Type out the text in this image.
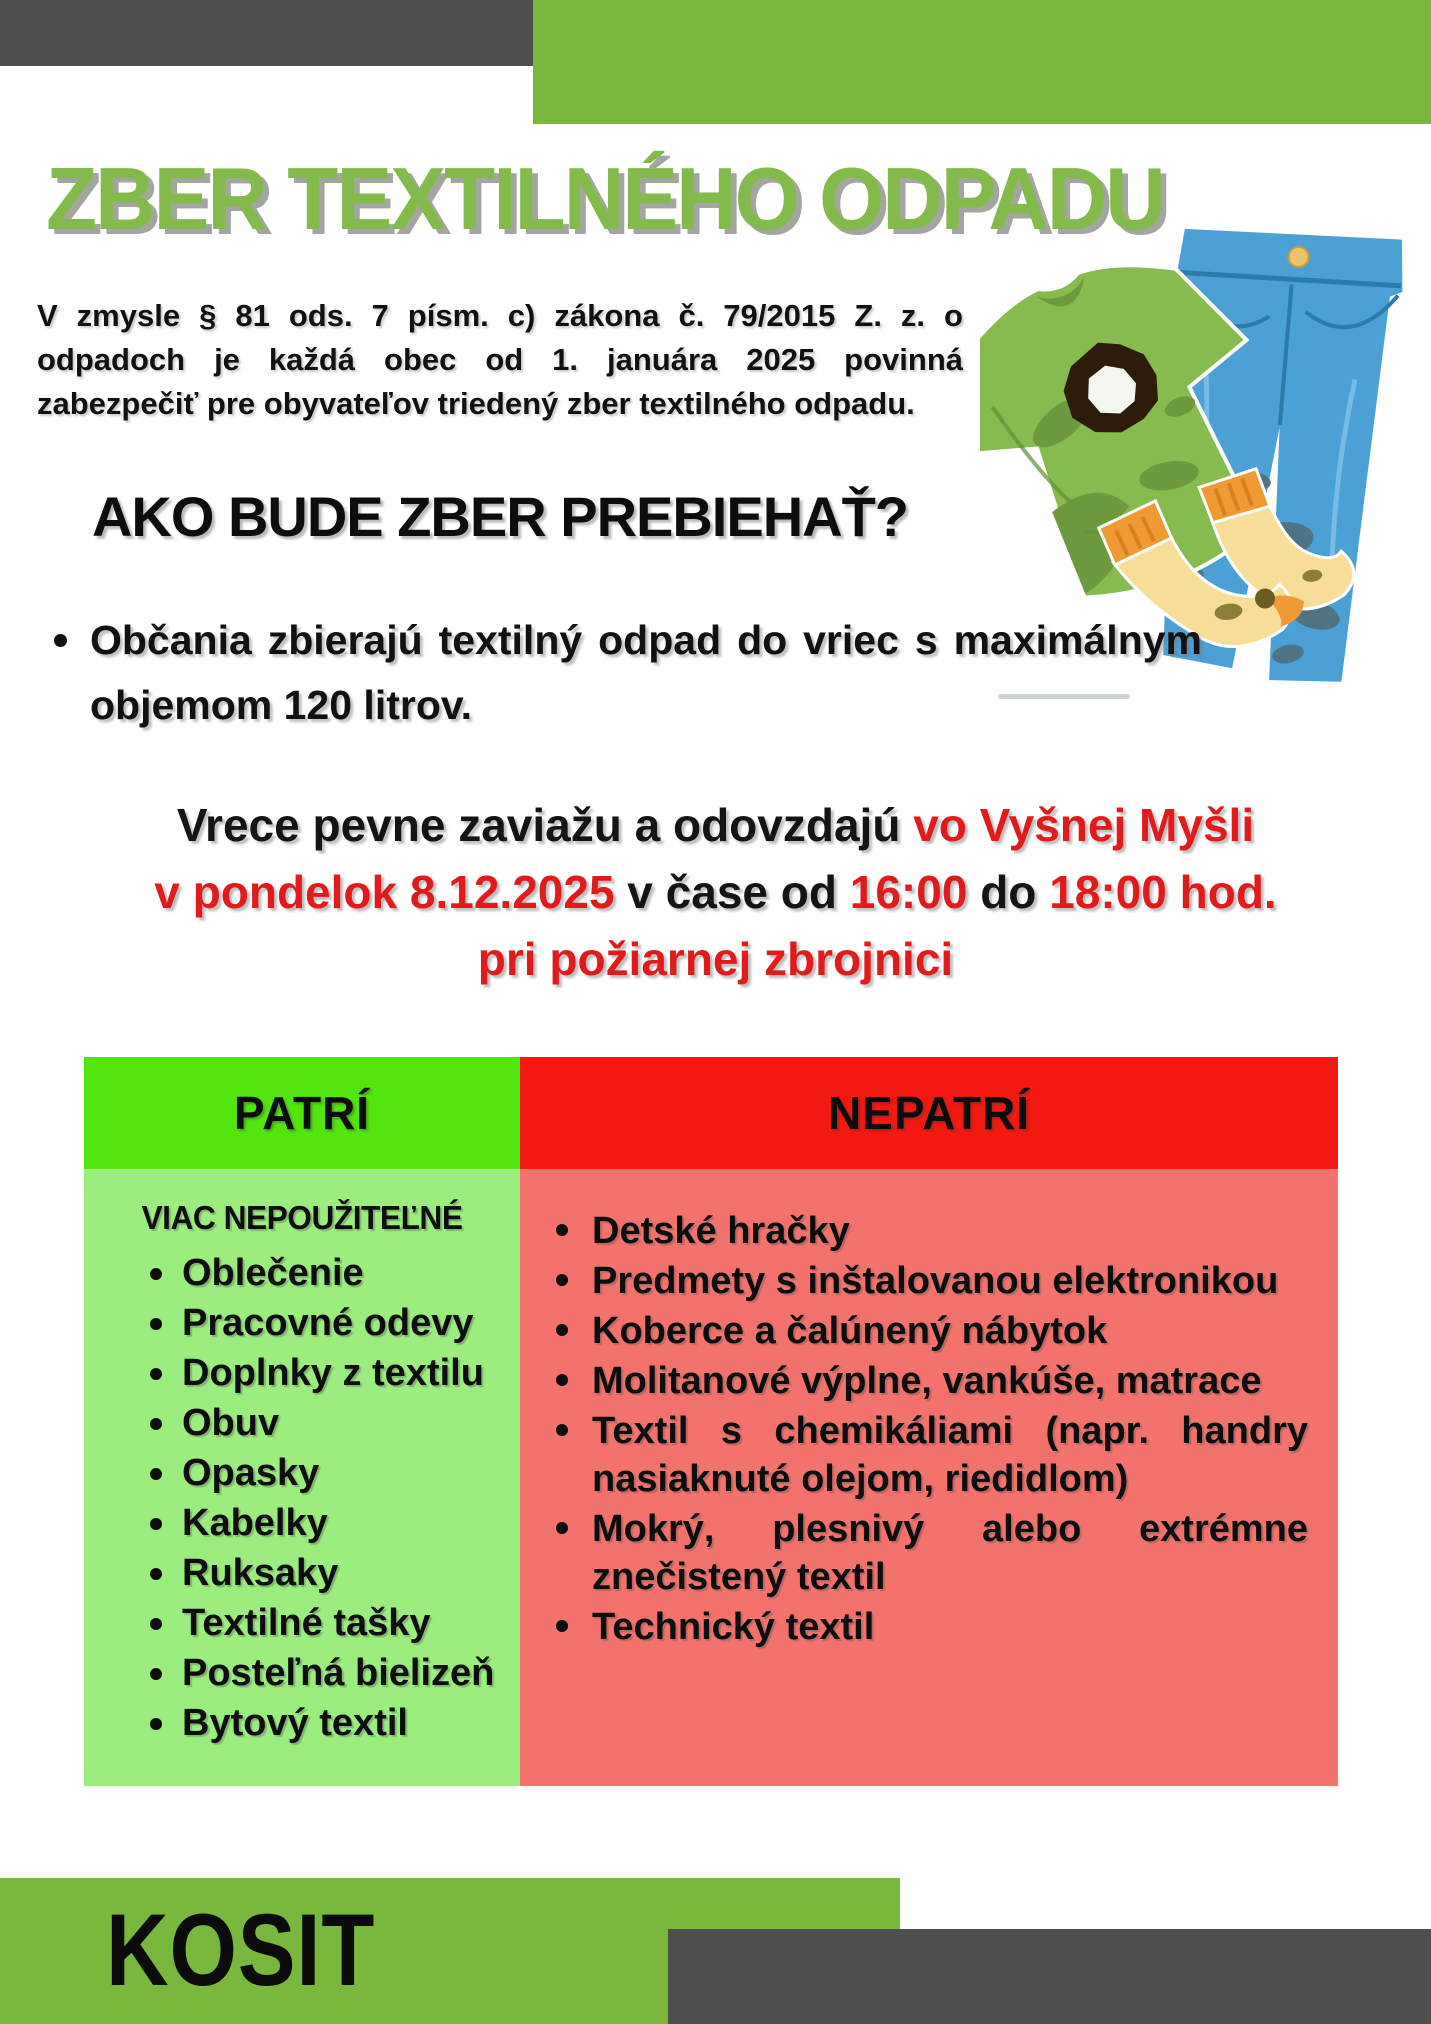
ZBER TEXTILNÉHO ODPADU
V zmysle § 81 ods. 7 písm. c) zákona č. 79/2015 Z. z. o
odpadoch je každá obec od 1. januára 2025 povinná
zabezpečiť pre obyvateľov triedený zber textilného odpadu.
AKO BUDE ZBER PREBIEHAŤ?
Občania zbierajú textilný odpad do vriec s maximálnym objemom 120 litrov.
Vrece pevne zaviažu a odovzdajú vo Vyšnej Myšli
v pondelok 8.12.2025 v čase od 16:00 do 18:00 hod.
pri požiarnej zbrojnici
PATRÍ
VIAC NEPOUŽITEĽNÉ
Oblečenie
Pracovné odevy
Doplnky z textilu
Obuv
Opasky
Kabelky
Ruksaky
Textilné tašky
Posteľná bielizeň
Bytový textil
NEPATRÍ
Detské hračky
Predmety s inštalovanou elektronikou
Koberce a čalúnený nábytok
Molitanové výplne, vankúše, matrace
Textil s chemikáliami (napr. handry nasiaknuté olejom, riedidlom)
Mokrý, plesnivý alebo extrémne znečistený textil
Technický textil
KOSIT
